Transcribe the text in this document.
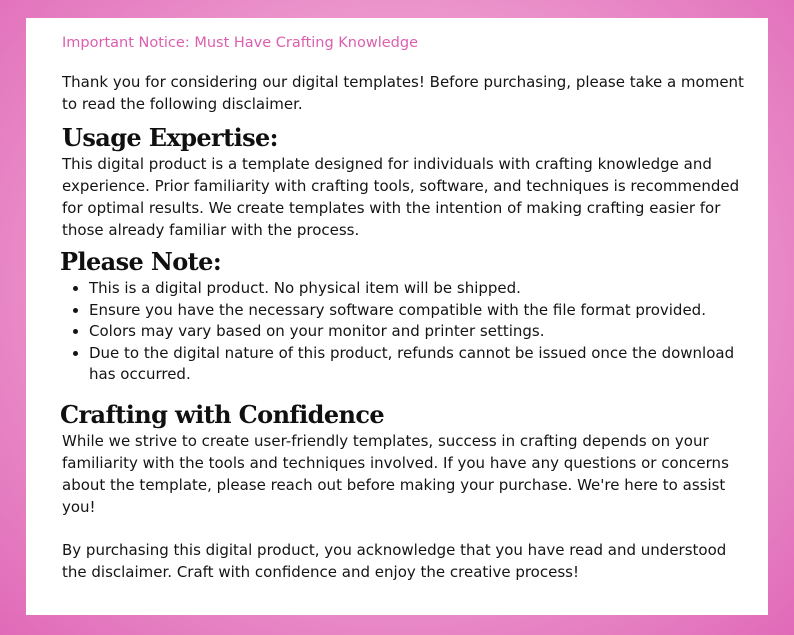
Important Notice: Must Have Crafting Knowledge

Thank you for considering our digital templates! Before purchasing, please take a moment to read the following disclaimer.

Usage Expertise:

This digital product is a template designed for individuals with crafting knowledge and experience. Prior familiarity with crafting tools, software, and techniques is recommended for optimal results. We create templates with the intention of making crafting easier for those already familiar with the process.

Please Note:
• This is a digital product. No physical item will be shipped.
• Ensure you have the necessary software compatible with the file format provided.
• Colors may vary based on your monitor and printer settings.
• Due to the digital nature of this product, refunds cannot be issued once the download has occurred.
Crafting with Confidence

While we strive to create user-friendly templates, success in crafting depends on your familiarity with the tools and techniques involved. If you have any questions or concerns about the template, please reach out before making your purchase. We're here to assist you!

By purchasing this digital product, you acknowledge that you have read and understood the disclaimer. Craft with confidence and enjoy the creative process!
